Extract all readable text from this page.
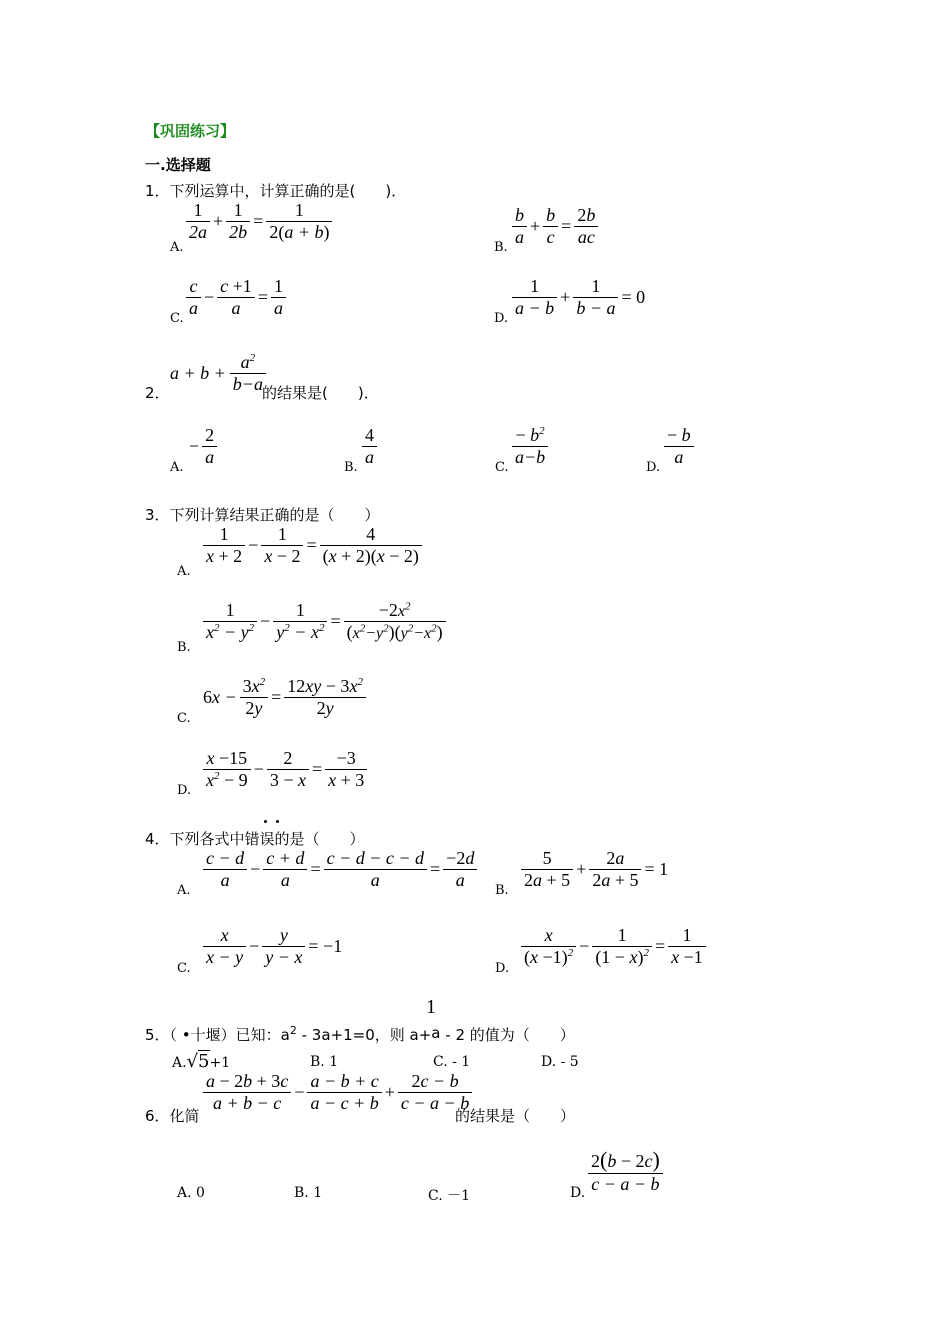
【巩固练习】
一.选择题
1．下列运算中，计算正确的是(　　)．
A.
$\frac{1}{2a} + \frac{1}{2b} = \frac{1}{2(a + b)}$
B. $\frac{b}{a} + \frac{b}{c} = \frac{2b}{ac}$
C. $\frac{c}{a} - \frac{c +1}{a} = \frac{1}{a}$	D. $\frac{1}{a - b} + \frac{1}{b - a} = 0$
2．
$a + b + \frac{a^2}{b-a}$
的结果是(　　)．
A.
− $\frac{2}{a}$	B. $\frac{4}{a}$	C. $\frac{- b^2}{a-b}$	D. $\frac{- b}{a}$
3．下列计算结果正确的是（　　）
A.
$\frac{1}{x + 2} - \frac{1}{x - 2} = \frac{4}{(x + 2)(x - 2)}$
B.
$\frac{1}{x^2 - y^2} - \frac{1}{y^2 - x^2} = \frac{-2x^2}{(x^2-y^2)(y^2-x^2)}$
C.
$6x - \frac{3x^2}{2y} = \frac{12xy - 3x^2}{2y}$
D. $\frac{x -15}{x^2 - 9} - \frac{2}{3 - x} = \frac{-3}{x + 3}$
4．下列各式中错误的是（　　）
A. $\frac{c - d}{a} - \frac{c + d}{a} = \frac{c - d - c - d}{a} = \frac{-2d}{a} B$. $\frac{5}{2a + 5} + \frac{2a}{2a + 5} = 1$
C.
$\frac{x}{x - y} - \frac{y}{y - x} = -1$
D.
$\frac{x}{(x -1)^2} - \frac{1}{(1 - x)^2} = \frac{1}{x -1}$
1
5．（ •十堰）已知：$a^2 - 3a+1=0$，则 a+a - 2 的值为（　　）
A.√5+1	B. 1	C. - 1	D. - 5
6．化简
$\frac{a - 2b + 3c}{a + b - c} - \frac{a - b + c}{a - c + b} + \frac{2c - b}{c - a - b}$
的结果是（　　）
A. 0	B. 1	C. －1	D. $\frac{2(b - 2c)}{c - a - b}$
